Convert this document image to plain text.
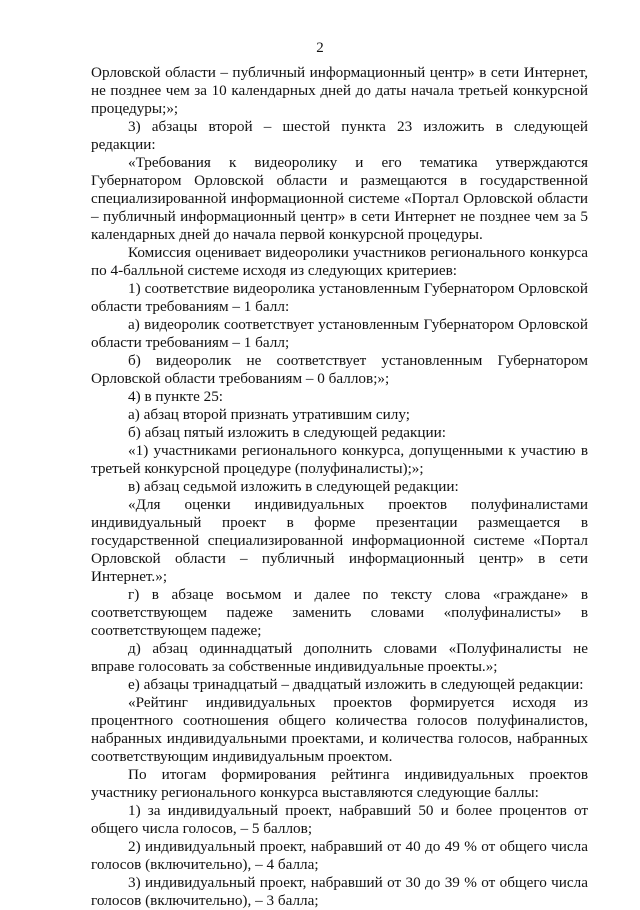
2

Орловской области – публичный информационный центр» в сети Интернет, не позднее чем за 10 календарных дней до даты начала третьей конкурсной процедуры;»;

3) абзацы второй – шестой пункта 23 изложить в следующей редакции:

«Требования к видеоролику и его тематика утверждаются Губернатором Орловской области и размещаются в государственной специализированной информационной системе «Портал Орловской области – публичный информационный центр» в сети Интернет не позднее чем за 5 календарных дней до начала первой конкурсной процедуры.

Комиссия оценивает видеоролики участников регионального конкурса по 4-балльной системе исходя из следующих критериев:

1) соответствие видеоролика установленным Губернатором Орловской области требованиям – 1 балл:

а) видеоролик соответствует установленным Губернатором Орловской области требованиям – 1 балл;

б) видеоролик не соответствует установленным Губернатором Орловской области требованиям – 0 баллов;»;

4) в пункте 25:

а) абзац второй признать утратившим силу;

б) абзац пятый изложить в следующей редакции:

«1) участниками регионального конкурса, допущенными к участию в третьей конкурсной процедуре (полуфиналисты);»;

в) абзац седьмой изложить в следующей редакции:

«Для оценки индивидуальных проектов полуфиналистами индивидуальный проект в форме презентации размещается в государственной специализированной информационной системе «Портал Орловской области – публичный информационный центр» в сети Интернет.»;

г) в абзаце восьмом и далее по тексту слова «граждане» в соответствующем падеже заменить словами «полуфиналисты» в соответствующем падеже;

д) абзац одиннадцатый дополнить словами «Полуфиналисты не вправе голосовать за собственные индивидуальные проекты.»;

е) абзацы тринадцатый – двадцатый изложить в следующей редакции:

«Рейтинг индивидуальных проектов формируется исходя из процентного соотношения общего количества голосов полуфиналистов, набранных индивидуальными проектами, и количества голосов, набранных соответствующим индивидуальным проектом.

По итогам формирования рейтинга индивидуальных проектов участнику регионального конкурса выставляются следующие баллы:

1) за индивидуальный проект, набравший 50 и более процентов от общего числа голосов, – 5 баллов;

2) индивидуальный проект, набравший от 40 до 49 % от общего числа голосов (включительно), – 4 балла;

3) индивидуальный проект, набравший от 30 до 39 % от общего числа голосов (включительно), – 3 балла;
